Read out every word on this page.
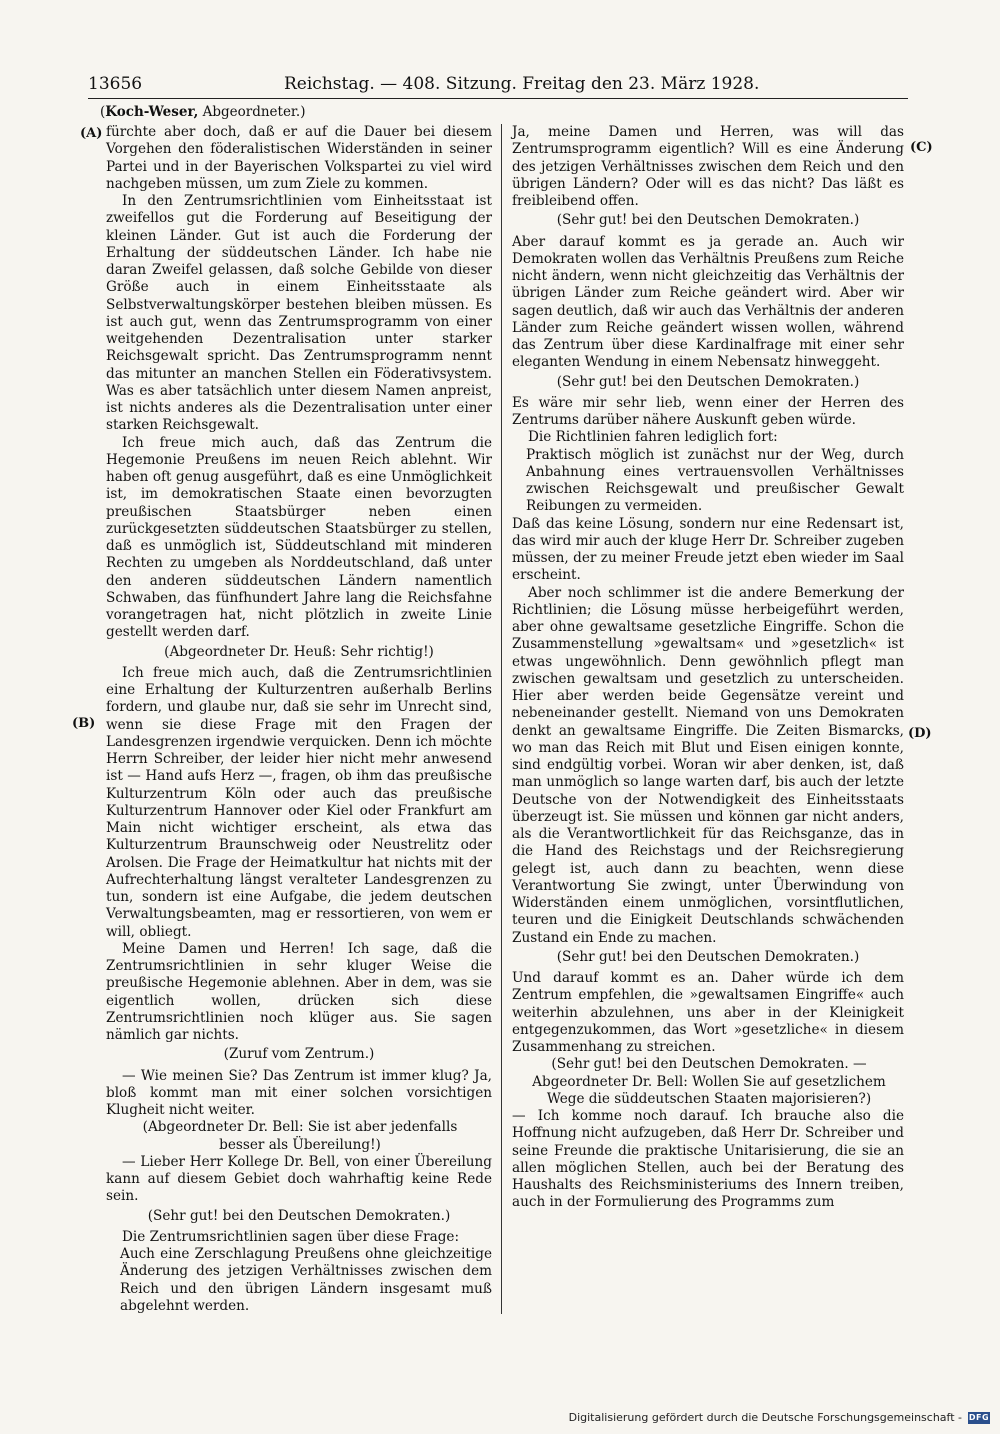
13656	Reichstag. — 408. Sitzung. Freitag den 23. März 1928.
(Koch-Weser, Abgeordneter.)
(A)
(B)
(C)
(D)

fürchte aber doch, daß er auf die Dauer bei diesem Vorgehen den föderalistischen Widerständen in seiner Partei und in der Bayerischen Volkspartei zu viel wird nachgeben müssen, um zum Ziele zu kommen.

In den Zentrumsrichtlinien vom Einheitsstaat ist zweifellos gut die Forderung auf Beseitigung der kleinen Länder. Gut ist auch die Forderung der Erhaltung der süddeutschen Länder. Ich habe nie daran Zweifel gelassen, daß solche Gebilde von dieser Größe auch in einem Einheitsstaate als Selbstverwaltungskörper bestehen bleiben müssen. Es ist auch gut, wenn das Zentrumsprogramm von einer weitgehenden Dezentralisation unter starker Reichsgewalt spricht. Das Zentrumsprogramm nennt das mitunter an manchen Stellen ein Föderativsystem. Was es aber tatsächlich unter diesem Namen anpreist, ist nichts anderes als die Dezentralisation unter einer starken Reichsgewalt.

Ich freue mich auch, daß das Zentrum die Hegemonie Preußens im neuen Reich ablehnt. Wir haben oft genug ausgeführt, daß es eine Unmöglichkeit ist, im demokratischen Staate einen bevorzugten preußischen Staatsbürger neben einen zurückgesetzten süddeutschen Staatsbürger zu stellen, daß es unmöglich ist, Süddeutschland mit minderen Rechten zu umgeben als Norddeutschland, daß unter den anderen süddeutschen Ländern namentlich Schwaben, das fünfhundert Jahre lang die Reichsfahne vorangetragen hat, nicht plötzlich in zweite Linie gestellt werden darf.

(Abgeordneter Dr. Heuß: Sehr richtig!)

Ich freue mich auch, daß die Zentrumsrichtlinien eine Erhaltung der Kulturzentren außerhalb Berlins fordern, und glaube nur, daß sie sehr im Unrecht sind, wenn sie diese Frage mit den Fragen der Landesgrenzen irgendwie verquicken. Denn ich möchte Herrn Schreiber, der leider hier nicht mehr anwesend ist — Hand aufs Herz —, fragen, ob ihm das preußische Kulturzentrum Köln oder auch das preußische Kulturzentrum Hannover oder Kiel oder Frankfurt am Main nicht wichtiger erscheint, als etwa das Kulturzentrum Braunschweig oder Neustrelitz oder Arolsen. Die Frage der Heimatkultur hat nichts mit der Aufrechterhaltung längst veralteter Landesgrenzen zu tun, sondern ist eine Aufgabe, die jedem deutschen Verwaltungsbeamten, mag er ressortieren, von wem er will, obliegt.

Meine Damen und Herren! Ich sage, daß die Zentrumsrichtlinien in sehr kluger Weise die preußische Hegemonie ablehnen. Aber in dem, was sie eigentlich wollen, drücken sich diese Zentrumsrichtlinien noch klüger aus. Sie sagen nämlich gar nichts.

(Zuruf vom Zentrum.)

— Wie meinen Sie? Das Zentrum ist immer klug? Ja, bloß kommt man mit einer solchen vorsichtigen Klugheit nicht weiter.

(Abgeordneter Dr. Bell: Sie ist aber jedenfalls besser als Übereilung!)

— Lieber Herr Kollege Dr. Bell, von einer Übereilung kann auf diesem Gebiet doch wahrhaftig keine Rede sein.

(Sehr gut! bei den Deutschen Demokraten.)

Die Zentrumsrichtlinien sagen über diese Frage:

Auch eine Zerschlagung Preußens ohne gleichzeitige Änderung des jetzigen Verhältnisses zwischen dem Reich und den übrigen Ländern insgesamt muß abgelehnt werden.

Ja, meine Damen und Herren, was will das Zentrumsprogramm eigentlich? Will es eine Änderung des jetzigen Verhältnisses zwischen dem Reich und den übrigen Ländern? Oder will es das nicht? Das läßt es freibleibend offen.

(Sehr gut! bei den Deutschen Demokraten.)

Aber darauf kommt es ja gerade an. Auch wir Demokraten wollen das Verhältnis Preußens zum Reiche nicht ändern, wenn nicht gleichzeitig das Verhältnis der übrigen Länder zum Reiche geändert wird. Aber wir sagen deutlich, daß wir auch das Verhältnis der anderen Länder zum Reiche geändert wissen wollen, während das Zentrum über diese Kardinalfrage mit einer sehr eleganten Wendung in einem Nebensatz hinweggeht.

(Sehr gut! bei den Deutschen Demokraten.)

Es wäre mir sehr lieb, wenn einer der Herren des Zentrums darüber nähere Auskunft geben würde.

Die Richtlinien fahren lediglich fort:

Praktisch möglich ist zunächst nur der Weg, durch Anbahnung eines vertrauensvollen Verhältnisses zwischen Reichsgewalt und preußischer Gewalt Reibungen zu vermeiden.

Daß das keine Lösung, sondern nur eine Redensart ist, das wird mir auch der kluge Herr Dr. Schreiber zugeben müssen, der zu meiner Freude jetzt eben wieder im Saal erscheint.

Aber noch schlimmer ist die andere Bemerkung der Richtlinien; die Lösung müsse herbeigeführt werden, aber ohne gewaltsame gesetzliche Eingriffe. Schon die Zusammenstellung »gewaltsam« und »gesetzlich« ist etwas ungewöhnlich. Denn gewöhnlich pflegt man zwischen gewaltsam und gesetzlich zu unterscheiden. Hier aber werden beide Gegensätze vereint und nebeneinander gestellt. Niemand von uns Demokraten denkt an gewaltsame Eingriffe. Die Zeiten Bismarcks, wo man das Reich mit Blut und Eisen einigen konnte, sind endgültig vorbei. Woran wir aber denken, ist, daß man unmöglich so lange warten darf, bis auch der letzte Deutsche von der Notwendigkeit des Einheitsstaats überzeugt ist. Sie müssen und können gar nicht anders, als die Verantwortlichkeit für das Reichsganze, das in die Hand des Reichstags und der Reichsregierung gelegt ist, auch dann zu beachten, wenn diese Verantwortung Sie zwingt, unter Überwindung von Widerständen einem unmöglichen, vorsintflutlichen, teuren und die Einigkeit Deutschlands schwächenden Zustand ein Ende zu machen.

(Sehr gut! bei den Deutschen Demokraten.)

Und darauf kommt es an. Daher würde ich dem Zentrum empfehlen, die »gewaltsamen Eingriffe« auch weiterhin abzulehnen, uns aber in der Kleinigkeit entgegenzukommen, das Wort »gesetzliche« in diesem Zusammenhang zu streichen.

(Sehr gut! bei den Deutschen Demokraten. — Abgeordneter Dr. Bell: Wollen Sie auf gesetzlichem Wege die süddeutschen Staaten majorisieren?)

— Ich komme noch darauf. Ich brauche also die Hoffnung nicht aufzugeben, daß Herr Dr. Schreiber und seine Freunde die praktische Unitarisierung, die sie an allen möglichen Stellen, auch bei der Beratung des Haushalts des Reichsministeriums des Innern treiben, auch in der Formulierung des Programms zum

Digitalisierung gefördert durch die Deutsche Forschungsgemeinschaft - DFG
